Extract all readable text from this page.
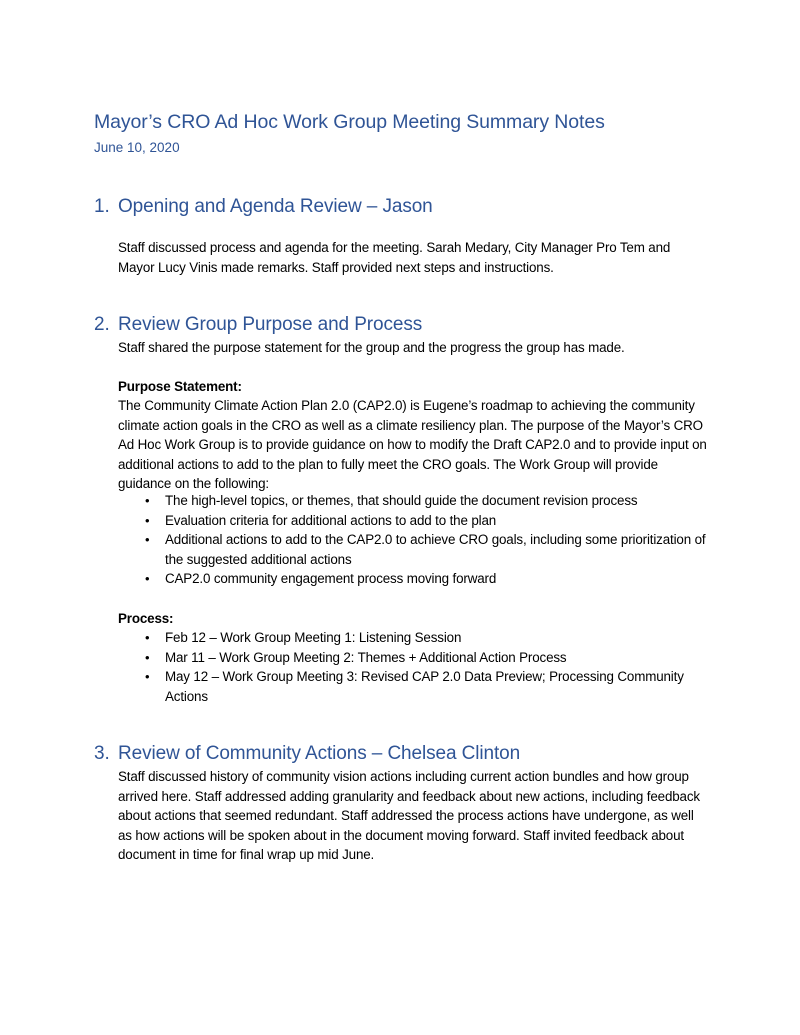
Mayor’s CRO Ad Hoc Work Group Meeting Summary Notes
June 10, 2020
1. Opening and Agenda Review – Jason
Staff discussed process and agenda for the meeting. Sarah Medary, City Manager Pro Tem and Mayor Lucy Vinis made remarks. Staff provided next steps and instructions.
2. Review Group Purpose and Process
Staff shared the purpose statement for the group and the progress the group has made.
Purpose Statement:
The Community Climate Action Plan 2.0 (CAP2.0) is Eugene’s roadmap to achieving the community climate action goals in the CRO as well as a climate resiliency plan. The purpose of the Mayor’s CRO Ad Hoc Work Group is to provide guidance on how to modify the Draft CAP2.0 and to provide input on additional actions to add to the plan to fully meet the CRO goals. The Work Group will provide guidance on the following:
• The high-level topics, or themes, that should guide the document revision process
• Evaluation criteria for additional actions to add to the plan
• Additional actions to add to the CAP2.0 to achieve CRO goals, including some prioritization of the suggested additional actions
• CAP2.0 community engagement process moving forward
Process:
• Feb 12 – Work Group Meeting 1: Listening Session
• Mar 11 – Work Group Meeting 2: Themes + Additional Action Process
• May 12 – Work Group Meeting 3: Revised CAP 2.0 Data Preview; Processing Community Actions
3. Review of Community Actions – Chelsea Clinton
Staff discussed history of community vision actions including current action bundles and how group arrived here. Staff addressed adding granularity and feedback about new actions, including feedback about actions that seemed redundant. Staff addressed the process actions have undergone, as well as how actions will be spoken about in the document moving forward. Staff invited feedback about document in time for final wrap up mid June.
